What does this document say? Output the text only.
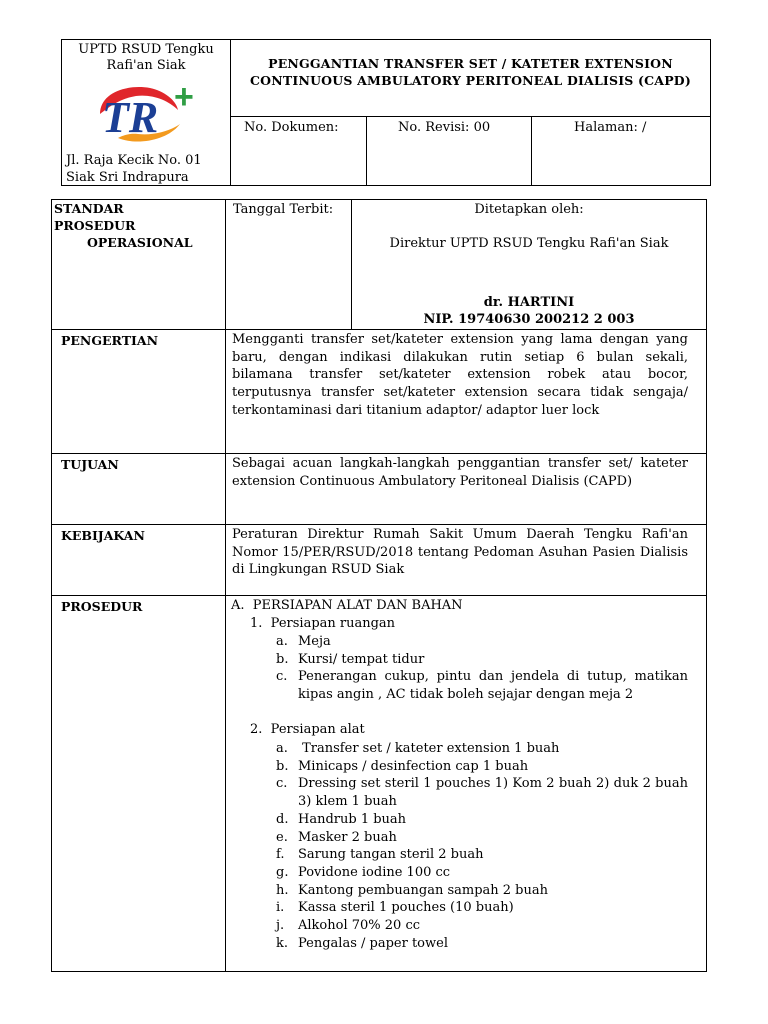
UPTD RSUD Tengku
Rafi'an Siak
TR +
Jl. Raja Kecik No. 01
Siak Sri Indrapura
PENGGANTIAN TRANSFER SET / KATETER EXTENSION
CONTINUOUS AMBULATORY PERITONEAL DIALISIS (CAPD)
No. Dokumen:	No. Revisi: 00	Halaman: /
STANDAR
PROSEDUR
OPERASIONAL
Tanggal Terbit:	Ditetapkan oleh:
Direktur UPTD RSUD Tengku Rafi'an Siak
dr. HARTINI
NIP. 19740630 200212 2 003
PENGERTIAN	Mengganti transfer set/kateter extension yang lama dengan yang baru, dengan indikasi dilakukan rutin setiap 6 bulan sekali, bilamana transfer set/kateter extension robek atau bocor, terputusnya transfer set/kateter extension secara tidak sengaja/ terkontaminasi dari titanium adaptor/ adaptor luer lock
TUJUAN	Sebagai acuan langkah-langkah penggantian transfer set/ kateter extension Continuous Ambulatory Peritoneal Dialisis (CAPD)
KEBIJAKAN	Peraturan Direktur Rumah Sakit Umum Daerah Tengku Rafi'an Nomor 15/PER/RSUD/2018 tentang Pedoman Asuhan Pasien Dialisis di Lingkungan RSUD Siak
PROSEDUR	A. PERSIAPAN ALAT DAN BAHAN
1. Persiapan ruangan
a. Meja
b. Kursi/ tempat tidur
c. Penerangan cukup, pintu dan jendela di tutup, matikan kipas angin , AC tidak boleh sejajar dengan meja 2
2. Persiapan alat
a. Transfer set / kateter extension 1 buah
b. Minicaps / desinfection cap 1 buah
c. Dressing set steril 1 pouches 1) Kom 2 buah 2) duk 2 buah 3) klem 1 buah
d. Handrub 1 buah
e. Masker 2 buah
f. Sarung tangan steril 2 buah
g. Povidone iodine 100 cc
h. Kantong pembuangan sampah 2 buah
i. Kassa steril 1 pouches (10 buah)
j. Alkohol 70% 20 cc
k. Pengalas / paper towel
